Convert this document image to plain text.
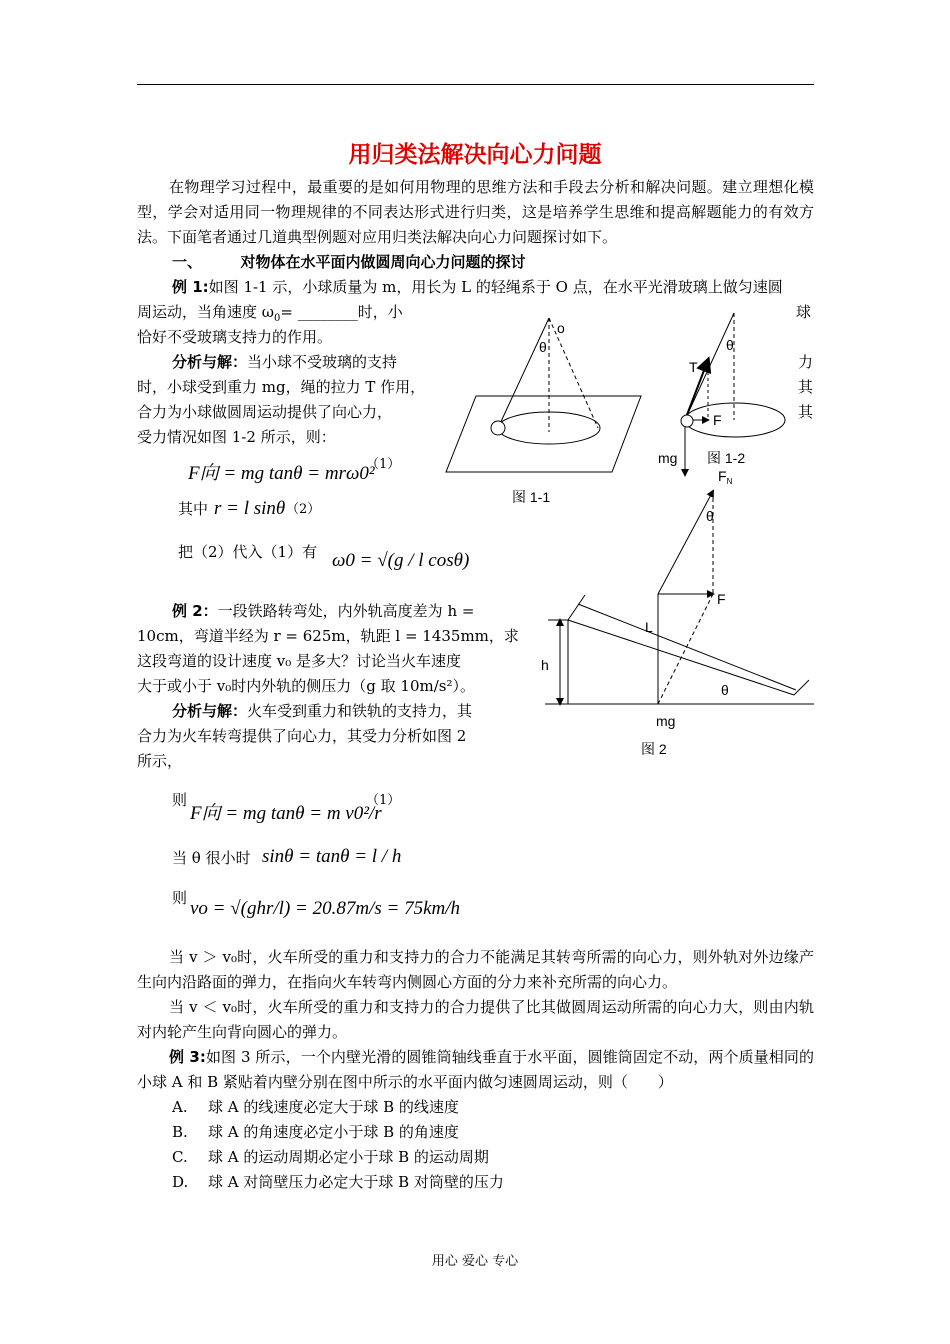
用归类法解决向心力问题
在物理学习过程中，最重要的是如何用物理的思维方法和手段去分析和解决问题。建立理想化模型，学会对适用同一物理规律的不同表达形式进行归类，这是培养学生思维和提高解题能力的有效方法。下面笔者通过几道典型例题对应用归类法解决向心力问题探讨如下。
一、	对物体在水平面内做圆周向心力问题的探讨
例 1:如图 1-1 示，小球质量为 m，用长为 L 的轻绳系于 O 点，在水平光滑玻璃上做匀速圆
周运动，当角速度 $\omega_0=$ ________时，小	球
恰好不受玻璃支持力的作用。
分析与解：当小球不受玻璃的支持	力
时，小球受到重力 mg，绳的拉力 T 作用，	其
合力为小球做圆周运动提供了向心力，	其
受力情况如图 1-2 所示，则：
F向 = mg tanθ = mrω0²
（1）
其中 r = l sinθ （2）
把（2）代入（1）有 ω0 = √(g / l cosθ)
例 2：一段铁路转弯处，内外轨高度差为 h =
10cm，弯道半经为 r = 625m，轨距 l = 1435mm，求
这段弯道的设计速度 v₀ 是多大？讨论当火车速度
大于或小于 v₀时内外轨的侧压力（g 取 10m/s²）。
分析与解：火车受到重力和铁轨的支持力，其
合力为火车转弯提供了向心力，其受力分析如图 2
所示，
则
F向 = mg tanθ = m v0²/r
（1）
当 θ 很小时 sinθ = tanθ = l / h
则 vo = √(ghr/l) = 20.87m/s = 75km/h
当 v ＞ v₀时，火车所受的重力和支持力的合力不能满足其转弯所需的向心力，则外轨对外边缘产生向内沿路面的弹力，在指向火车转弯内侧圆心方面的分力来补充所需的向心力。
当 v ＜ v₀时，火车所受的重力和支持力的合力提供了比其做圆周运动所需的向心力大，则由内轨对内轮产生向背向圆心的弹力。
例 3:如图 3 所示，一个内壁光滑的圆锥筒轴线垂直于水平面，圆锥筒固定不动，两个质量相同的小球 A 和 B 紧贴着内壁分别在图中所示的水平面内做匀速圆周运动，则（　　）
A. 球 A 的线速度必定大于球 B 的线速度
B. 球 A 的角速度必定小于球 B 的角速度
C. 球 A 的运动周期必定小于球 B 的运动周期
D. 球 A 对筒壁压力必定大于球 B 对筒壁的压力
用心 爱心 专心
o
θ
图 1-1
T
F
mg
θ
图 1-2
$F_N$
θ
F
L
h
θ
mg
图 2
